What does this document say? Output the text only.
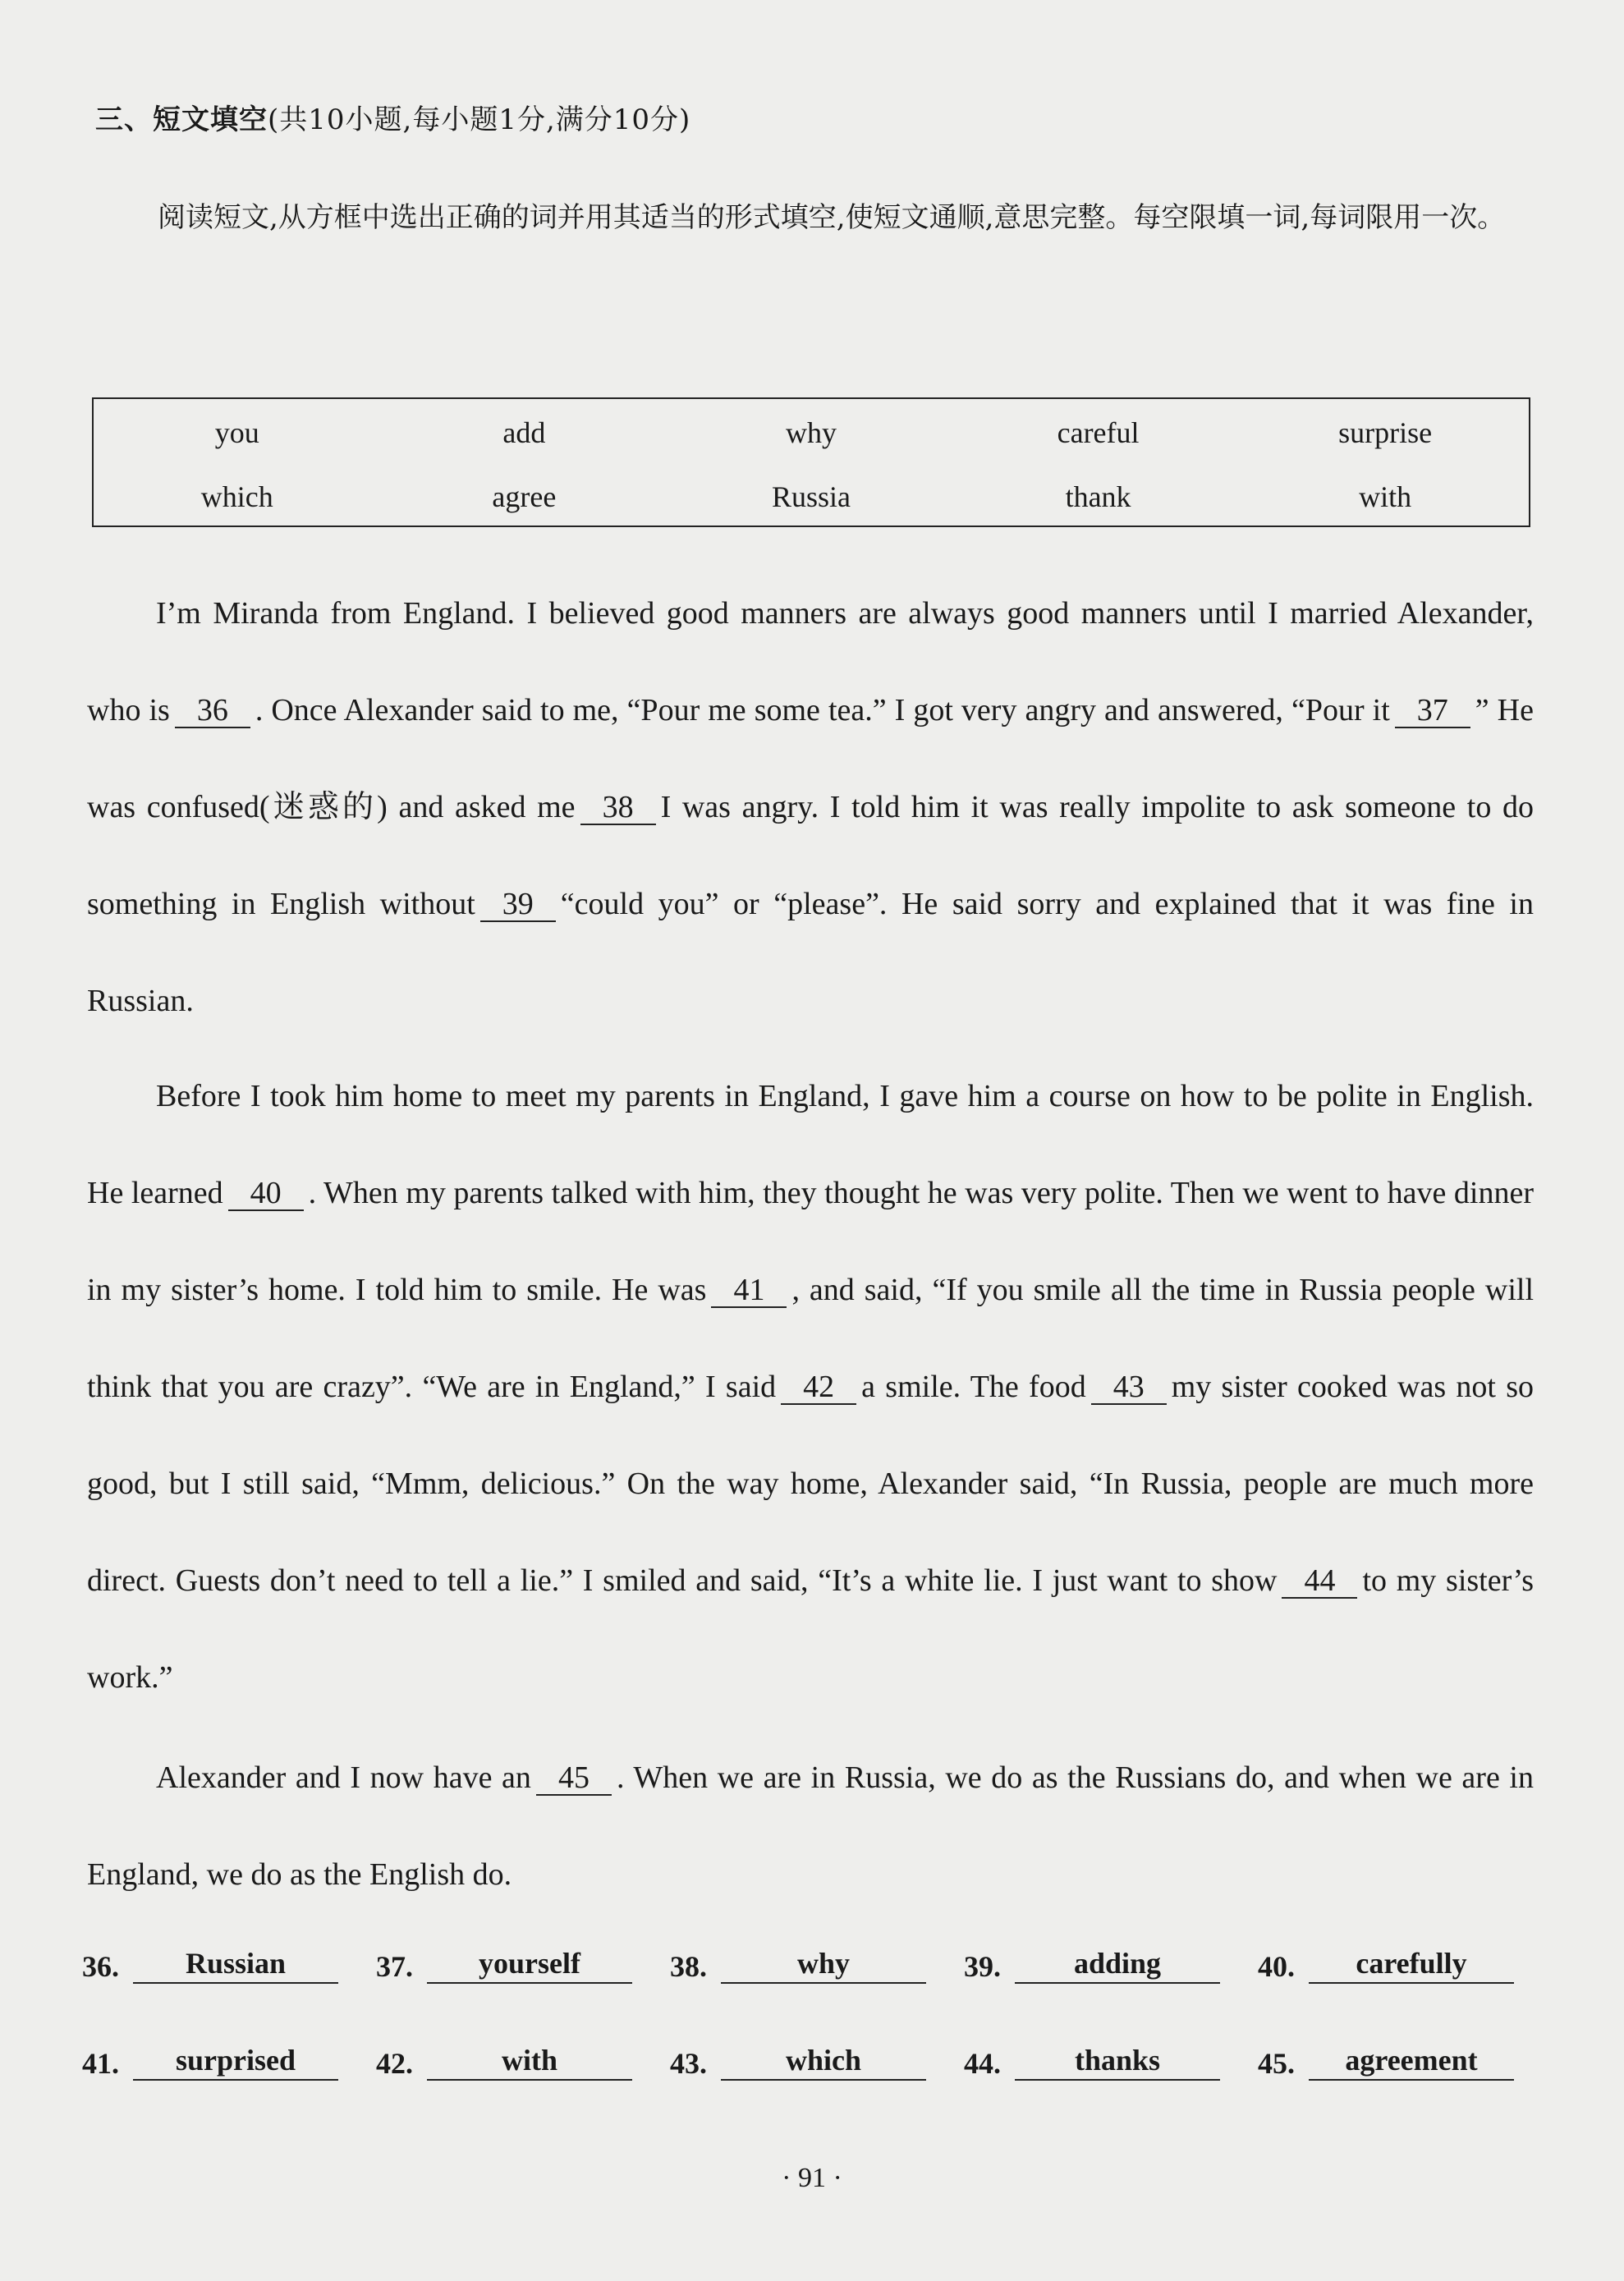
三、短文填空(共10小题,每小题1分,满分10分)
阅读短文,从方框中选出正确的词并用其适当的形式填空,使短文通顺,意思完整。每空限填一词,每词限用一次。
you	add	why	careful	surprise
which	agree	Russia	thank	with

I’m Miranda from England. I believed good manners are always good manners until I married Alexander, who is 36 . Once Alexander said to me, “Pour me some tea.” I got very angry and answered, “Pour it 37 ” He was confused(迷惑的) and asked me 38 I was angry. I told him it was really impolite to ask someone to do something in English without 39 “could you” or “please”. He said sorry and explained that it was fine in Russian.

Before I took him home to meet my parents in England, I gave him a course on how to be polite in English. He learned 40 . When my parents talked with him, they thought he was very polite. Then we went to have dinner in my sister’s home. I told him to smile. He was 41 , and said, “If you smile all the time in Russia people will think that you are crazy”. “We are in England,” I said 42 a smile. The food 43 my sister cooked was not so good, but I still said, “Mmm, delicious.” On the way home, Alexander said, “In Russia, people are much more direct. Guests don’t need to tell a lie.” I smiled and said, “It’s a white lie. I just want to show 44 to my sister’s work.”

Alexander and I now have an 45 . When we are in Russia, we do as the Russians do, and when we are in England, we do as the English do.

36.	Russian	37.	yourself	38.	why	39.	adding	40.	carefully
41.	surprised	42.	with	43.	which	44.	thanks	45.	agreement
· 91 ·
